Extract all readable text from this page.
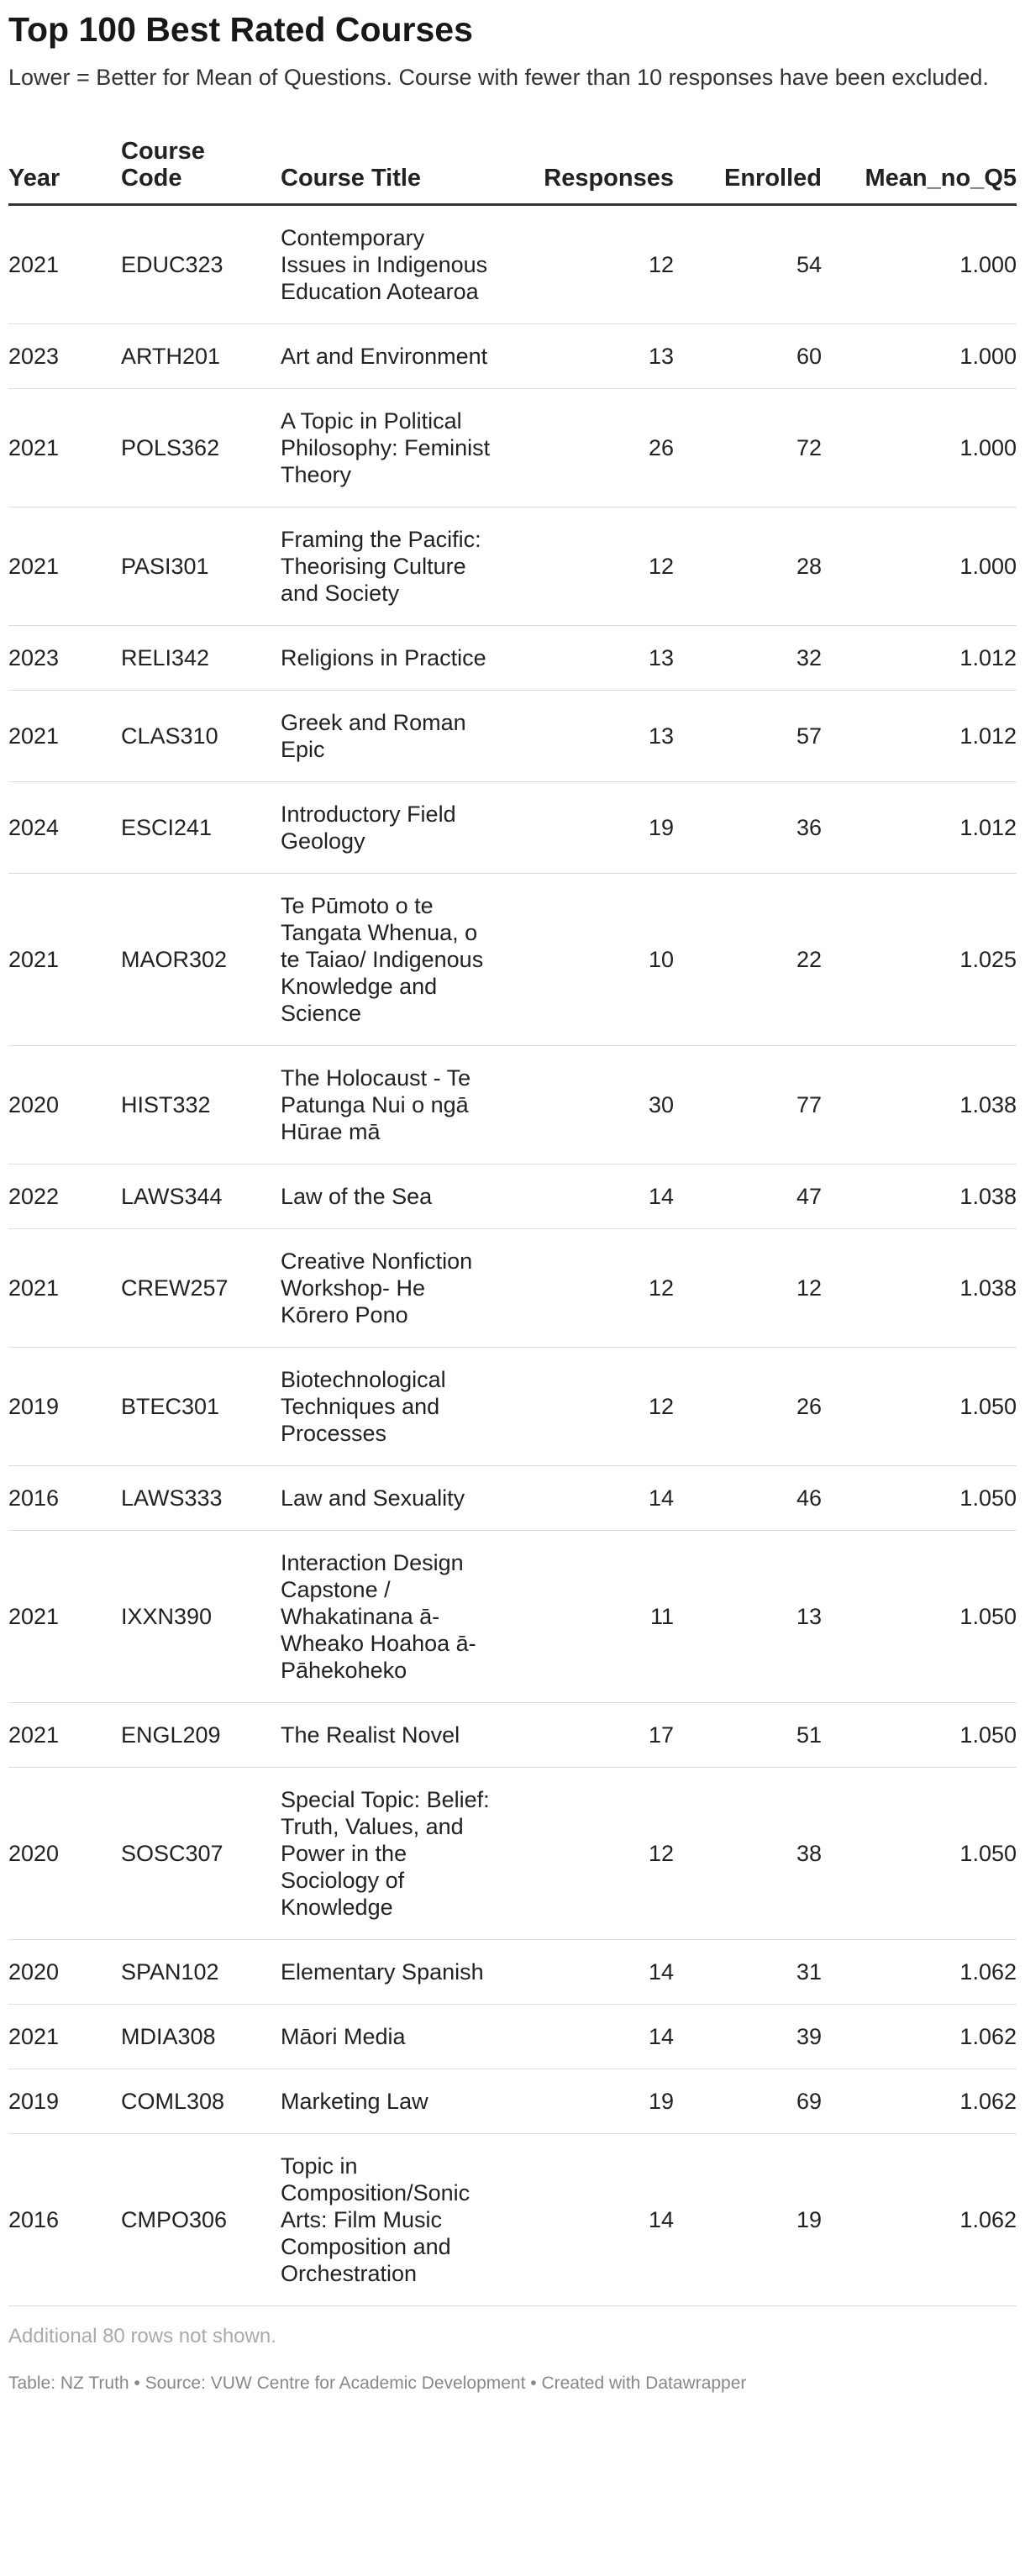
Top 100 Best Rated Courses
Lower = Better for Mean of Questions. Course with fewer than 10 responses have been excluded.
Year	Course Code	Course Title	Responses	Enrolled	Mean_no_Q5
2021	EDUC323	Contemporary Issues in Indigenous Education Aotearoa	12	54	1.000
2023	ARTH201	Art and Environment	13	60	1.000
2021	POLS362	A Topic in Political Philosophy: Feminist Theory	26	72	1.000
2021	PASI301	Framing the Pacific: Theorising Culture and Society	12	28	1.000
2023	RELI342	Religions in Practice	13	32	1.012
2021	CLAS310	Greek and Roman Epic	13	57	1.012
2024	ESCI241	Introductory Field Geology	19	36	1.012
2021	MAOR302	Te Pūmoto o te Tangata Whenua, o te Taiao/ Indigenous Knowledge and Science	10	22	1.025
2020	HIST332	The Holocaust - Te Patunga Nui o ngā Hūrae mā	30	77	1.038
2022	LAWS344	Law of the Sea	14	47	1.038
2021	CREW257	Creative Nonfiction Workshop- He Kōrero Pono	12	12	1.038
2019	BTEC301	Biotechnological Techniques and Processes	12	26	1.050
2016	LAWS333	Law and Sexuality	14	46	1.050
2021	IXXN390	Interaction Design Capstone / Whakatinana ā-Wheako Hoahoa ā-Pāhekoheko	11	13	1.050
2021	ENGL209	The Realist Novel	17	51	1.050
2020	SOSC307	Special Topic: Belief: Truth, Values, and Power in the Sociology of Knowledge	12	38	1.050
2020	SPAN102	Elementary Spanish	14	31	1.062
2021	MDIA308	Māori Media	14	39	1.062
2019	COML308	Marketing Law	19	69	1.062
2016	CMPO306	Topic in Composition/Sonic Arts: Film Music Composition and Orchestration	14	19	1.062
Additional 80 rows not shown.
Table: NZ Truth • Source: VUW Centre for Academic Development • Created with Datawrapper
